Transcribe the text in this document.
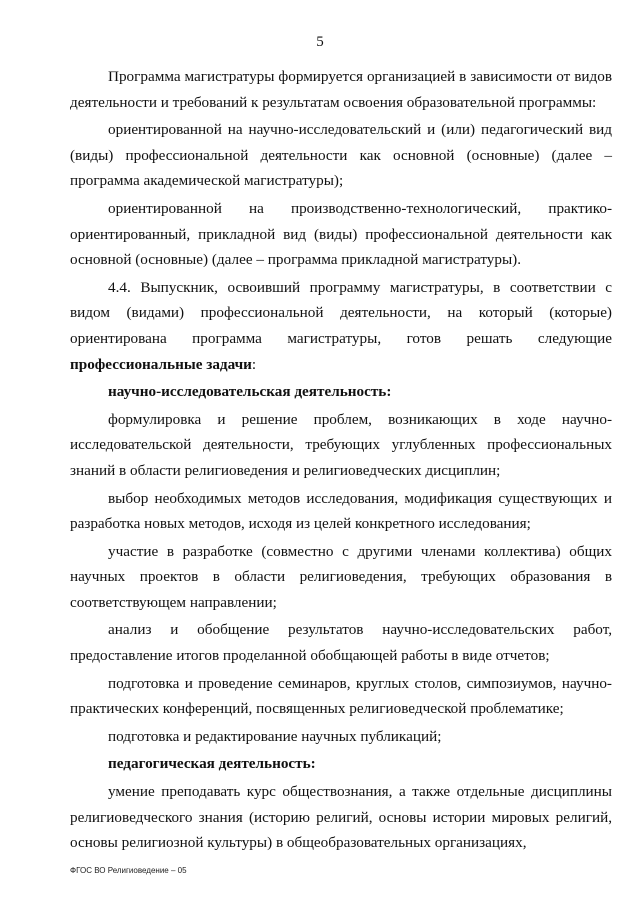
5

Программа магистратуры формируется организацией в зависимости от видов деятельности и требований к результатам освоения образовательной программы:

ориентированной на научно-исследовательский и (или) педагогический вид (виды) профессиональной деятельности как основной (основные) (далее – программа академической магистратуры);

ориентированной на производственно-технологический, практико-ориентированный, прикладной вид (виды) профессиональной деятельности как основной (основные) (далее – программа прикладной магистратуры).

4.4. Выпускник, освоивший программу магистратуры, в соответствии с видом (видами) профессиональной деятельности, на который (которые) ориентирована программа магистратуры, готов решать следующие профессиональные задачи:

научно-исследовательская деятельность:

формулировка и решение проблем, возникающих в ходе научно-исследовательской деятельности, требующих углубленных профессиональных знаний в области религиоведения и религиоведческих дисциплин;

выбор необходимых методов исследования, модификация существующих и разработка новых методов, исходя из целей конкретного исследования;

участие в разработке (совместно с другими членами коллектива) общих научных проектов в области религиоведения, требующих образования в соответствующем направлении;

анализ и обобщение результатов научно-исследовательских работ, предоставление итогов проделанной обобщающей работы в виде отчетов;

подготовка и проведение семинаров, круглых столов, симпозиумов, научно-практических конференций, посвященных религиоведческой проблематике;

подготовка и редактирование научных публикаций;

педагогическая деятельность:

умение преподавать курс обществознания, а также отдельные дисциплины религиоведческого знания (историю религий, основы истории мировых религий, основы религиозной культуры) в общеобразовательных организациях,

ФГОС ВО Религиоведение – 05
